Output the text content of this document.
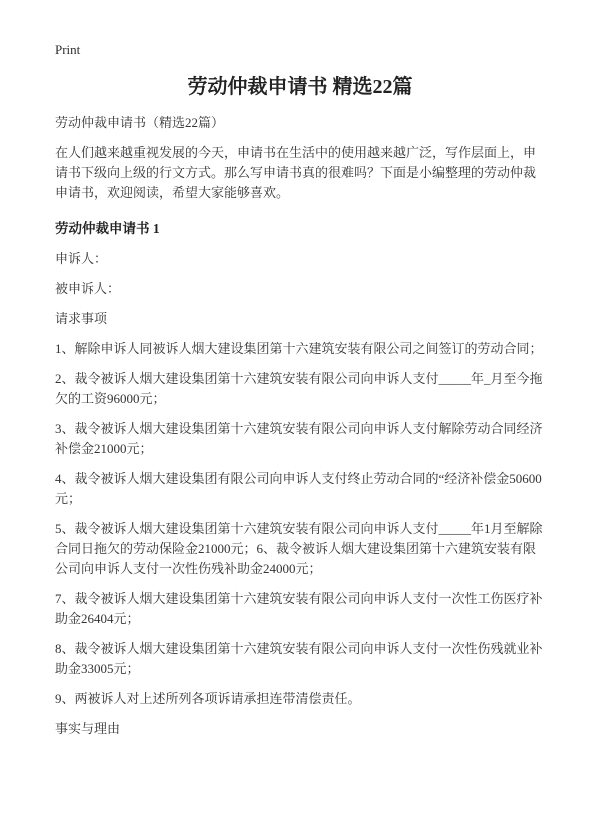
Print
劳动仲裁申请书 精选22篇

劳动仲裁申请书（精选22篇）

在人们越来越重视发展的今天，申请书在生活中的使用越来越广泛，写作层面上，申请书下级向上级的行文方式。那么写申请书真的很难吗？下面是小编整理的劳动仲裁申请书，欢迎阅读，希望大家能够喜欢。

劳动仲裁申请书 1

申诉人：

被申诉人：

请求事项

1、解除申诉人同被诉人烟大建设集团第十六建筑安装有限公司之间签订的劳动合同；

2、裁令被诉人烟大建设集团第十六建筑安装有限公司向申诉人支付_____年_月至今拖欠的工资96000元；

3、裁令被诉人烟大建设集团第十六建筑安装有限公司向申诉人支付解除劳动合同经济补偿金21000元；

4、裁令被诉人烟大建设集团有限公司向申诉人支付终止劳动合同的“经济补偿金50600元；

5、裁令被诉人烟大建设集团第十六建筑安装有限公司向申诉人支付_____年1月至解除合同日拖欠的劳动保险金21000元；6、裁令被诉人烟大建设集团第十六建筑安装有限公司向申诉人支付一次性伤残补助金24000元；

7、裁令被诉人烟大建设集团第十六建筑安装有限公司向申诉人支付一次性工伤医疗补助金26404元；

8、裁令被诉人烟大建设集团第十六建筑安装有限公司向申诉人支付一次性伤残就业补助金33005元；

9、两被诉人对上述所列各项诉请承担连带清偿责任。

事实与理由
